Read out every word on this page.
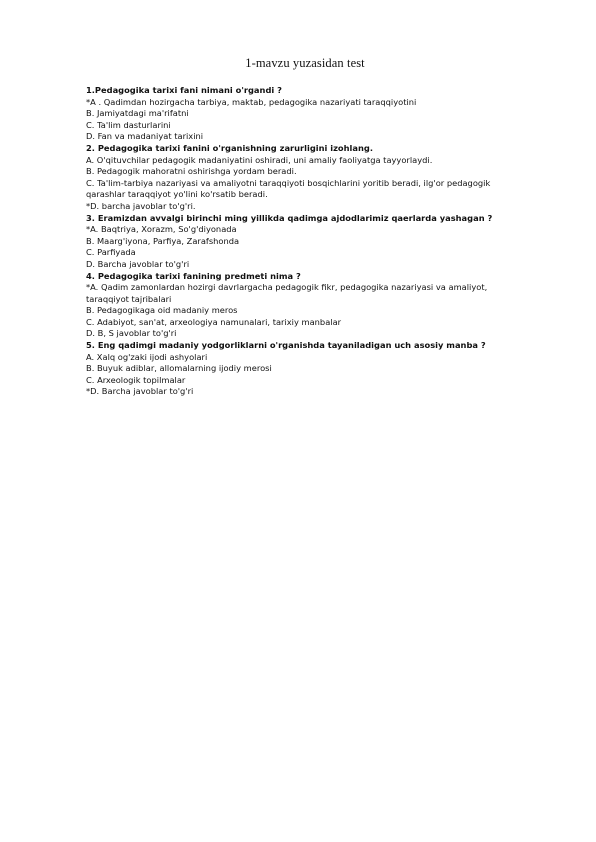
1-mavzu yuzasidan test

1.Pedagogika tarixi fani nimani o'rgandi ?

*A . Qadimdan hozirgacha tarbiya, maktab, pedagogika nazariyati taraqqiyotini

B. Jamiyatdagi ma'rifatni

C. Ta'lim dasturlarini

D. Fan va madaniyat tarixini

2. Pedagogika tarixi fanini o'rganishning zarurligini izohlang.

A. O'qituvchilar pedagogik madaniyatini oshiradi, uni amaliy faoliyatga tayyorlaydi.

B. Pedagogik mahoratni oshirishga yordam beradi.

C. Ta'lim-tarbiya nazariyasi va amaliyotni taraqqiyoti bosqichlarini yoritib beradi, ilg'or pedagogik qarashlar taraqqiyot yo'lini ko'rsatib beradi.

*D. barcha javoblar to'g'ri.

3. Eramizdan avvalgi birinchi ming yillikda qadimga ajdodlarimiz qaerlarda yashagan ?

*A. Baqtriya, Xorazm, So'g'diyonada

B. Maarg'iyona, Parfiya, Zarafshonda

C. Parfiyada

D. Barcha javoblar to'g'ri

4. Pedagogika tarixi fanining predmeti nima ?

*A. Qadim zamonlardan hozirgi davrlargacha pedagogik fikr, pedagogika nazariyasi va amaliyot, taraqqiyot tajribalari

B. Pedagogikaga oid madaniy meros

C. Adabiyot, san'at, arxeologiya namunalari, tarixiy manbalar

D. B, S javoblar to'g'ri

5. Eng qadimgi madaniy yodgorliklarni o'rganishda tayaniladigan uch asosiy manba ?

A. Xalq og'zaki ijodi ashyolari

B. Buyuk adiblar, allomalarning ijodiy merosi

C. Arxeologik topilmalar

*D. Barcha javoblar to'g'ri
